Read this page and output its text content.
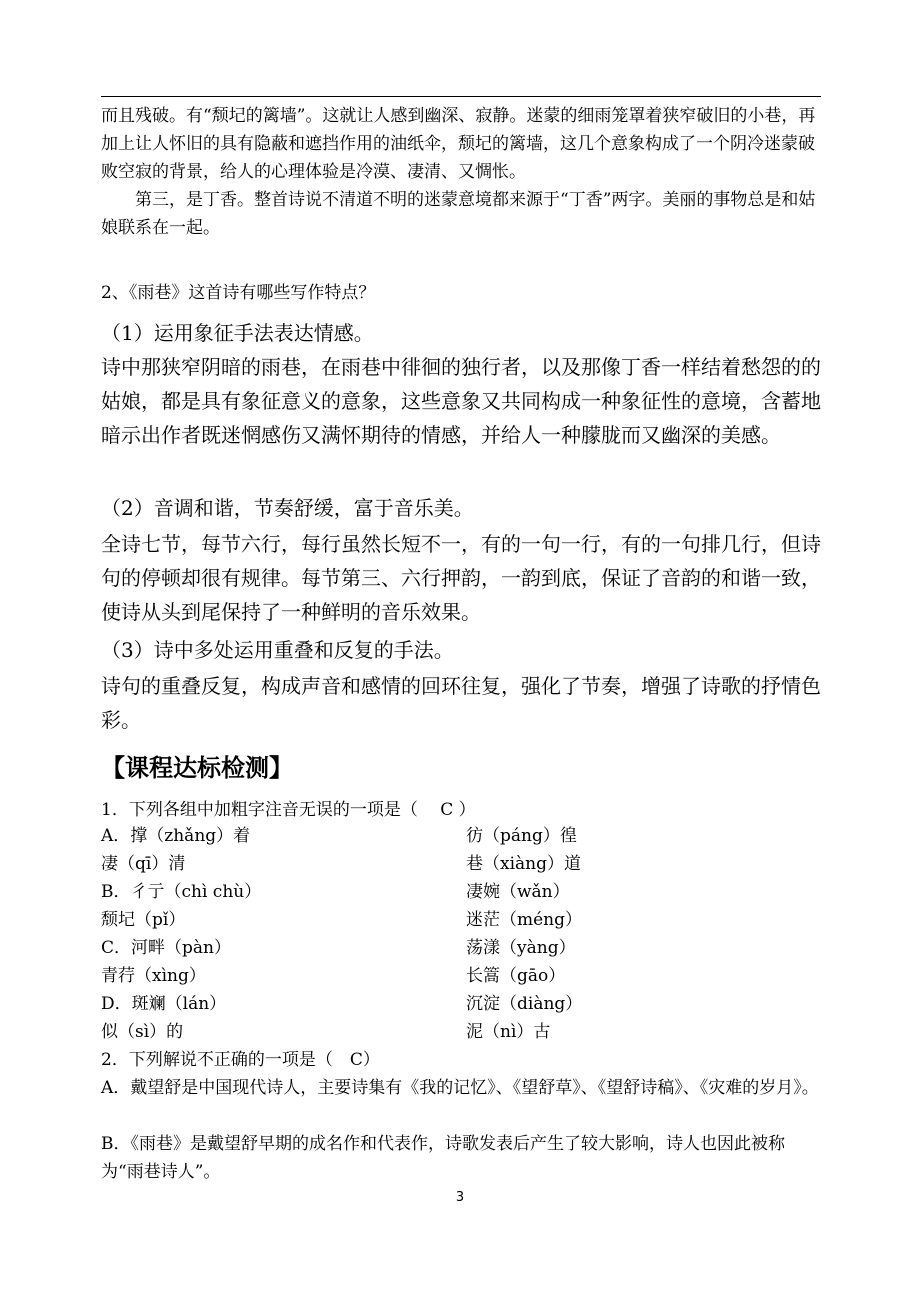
而且残破。有“颓圮的篱墙”。这就让人感到幽深、寂静。迷蒙的细雨笼罩着狭窄破旧的小巷，再加上让人怀旧的具有隐蔽和遮挡作用的油纸伞，颓圮的篱墙，这几个意象构成了一个阴冷迷蒙破败空寂的背景，给人的心理体验是冷漠、凄清、又惆怅。

第三，是丁香。整首诗说不清道不明的迷蒙意境都来源于“丁香”两字。美丽的事物总是和姑娘联系在一起。

2、《雨巷》这首诗有哪些写作特点？

（1）运用象征手法表达情感。

诗中那狭窄阴暗的雨巷，在雨巷中徘徊的独行者，以及那像丁香一样结着愁怨的的姑娘，都是具有象征意义的意象，这些意象又共同构成一种象征性的意境，含蓄地暗示出作者既迷惘感伤又满怀期待的情感，并给人一种朦胧而又幽深的美感。

（2）音调和谐，节奏舒缓，富于音乐美。

全诗七节，每节六行，每行虽然长短不一，有的一句一行，有的一句排几行，但诗句的停顿却很有规律。每节第三、六行押韵，一韵到底，保证了音韵的和谐一致，使诗从头到尾保持了一种鲜明的音乐效果。

（3）诗中多处运用重叠和反复的手法。

诗句的重叠反复，构成声音和感情的回环往复，强化了节奏，增强了诗歌的抒情色彩。

【课程达标检测】

1．下列各组中加粗字注音无误的一项是（　 C ）

A．撑（zhǎng）着	彷（páng）徨
凄（qī）清	巷（xiàng）道
B．彳亍（chì chù）	凄婉（wǎn）
颓圮（pǐ）	迷茫（méng）
C．河畔（pàn）	荡漾（yàng）
青荇（xìng）	长篙（gāo）
D．斑斓（lán）	沉淀（diàng）
似（sì）的	泥（nì）古

2．下列解说不正确的一项是（　C）

A．戴望舒是中国现代诗人，主要诗集有《我的记忆》、《望舒草》、《望舒诗稿》、《灾难的岁月》。

B．《雨巷》是戴望舒早期的成名作和代表作，诗歌发表后产生了较大影响，诗人也因此被称为“雨巷诗人”。

3
